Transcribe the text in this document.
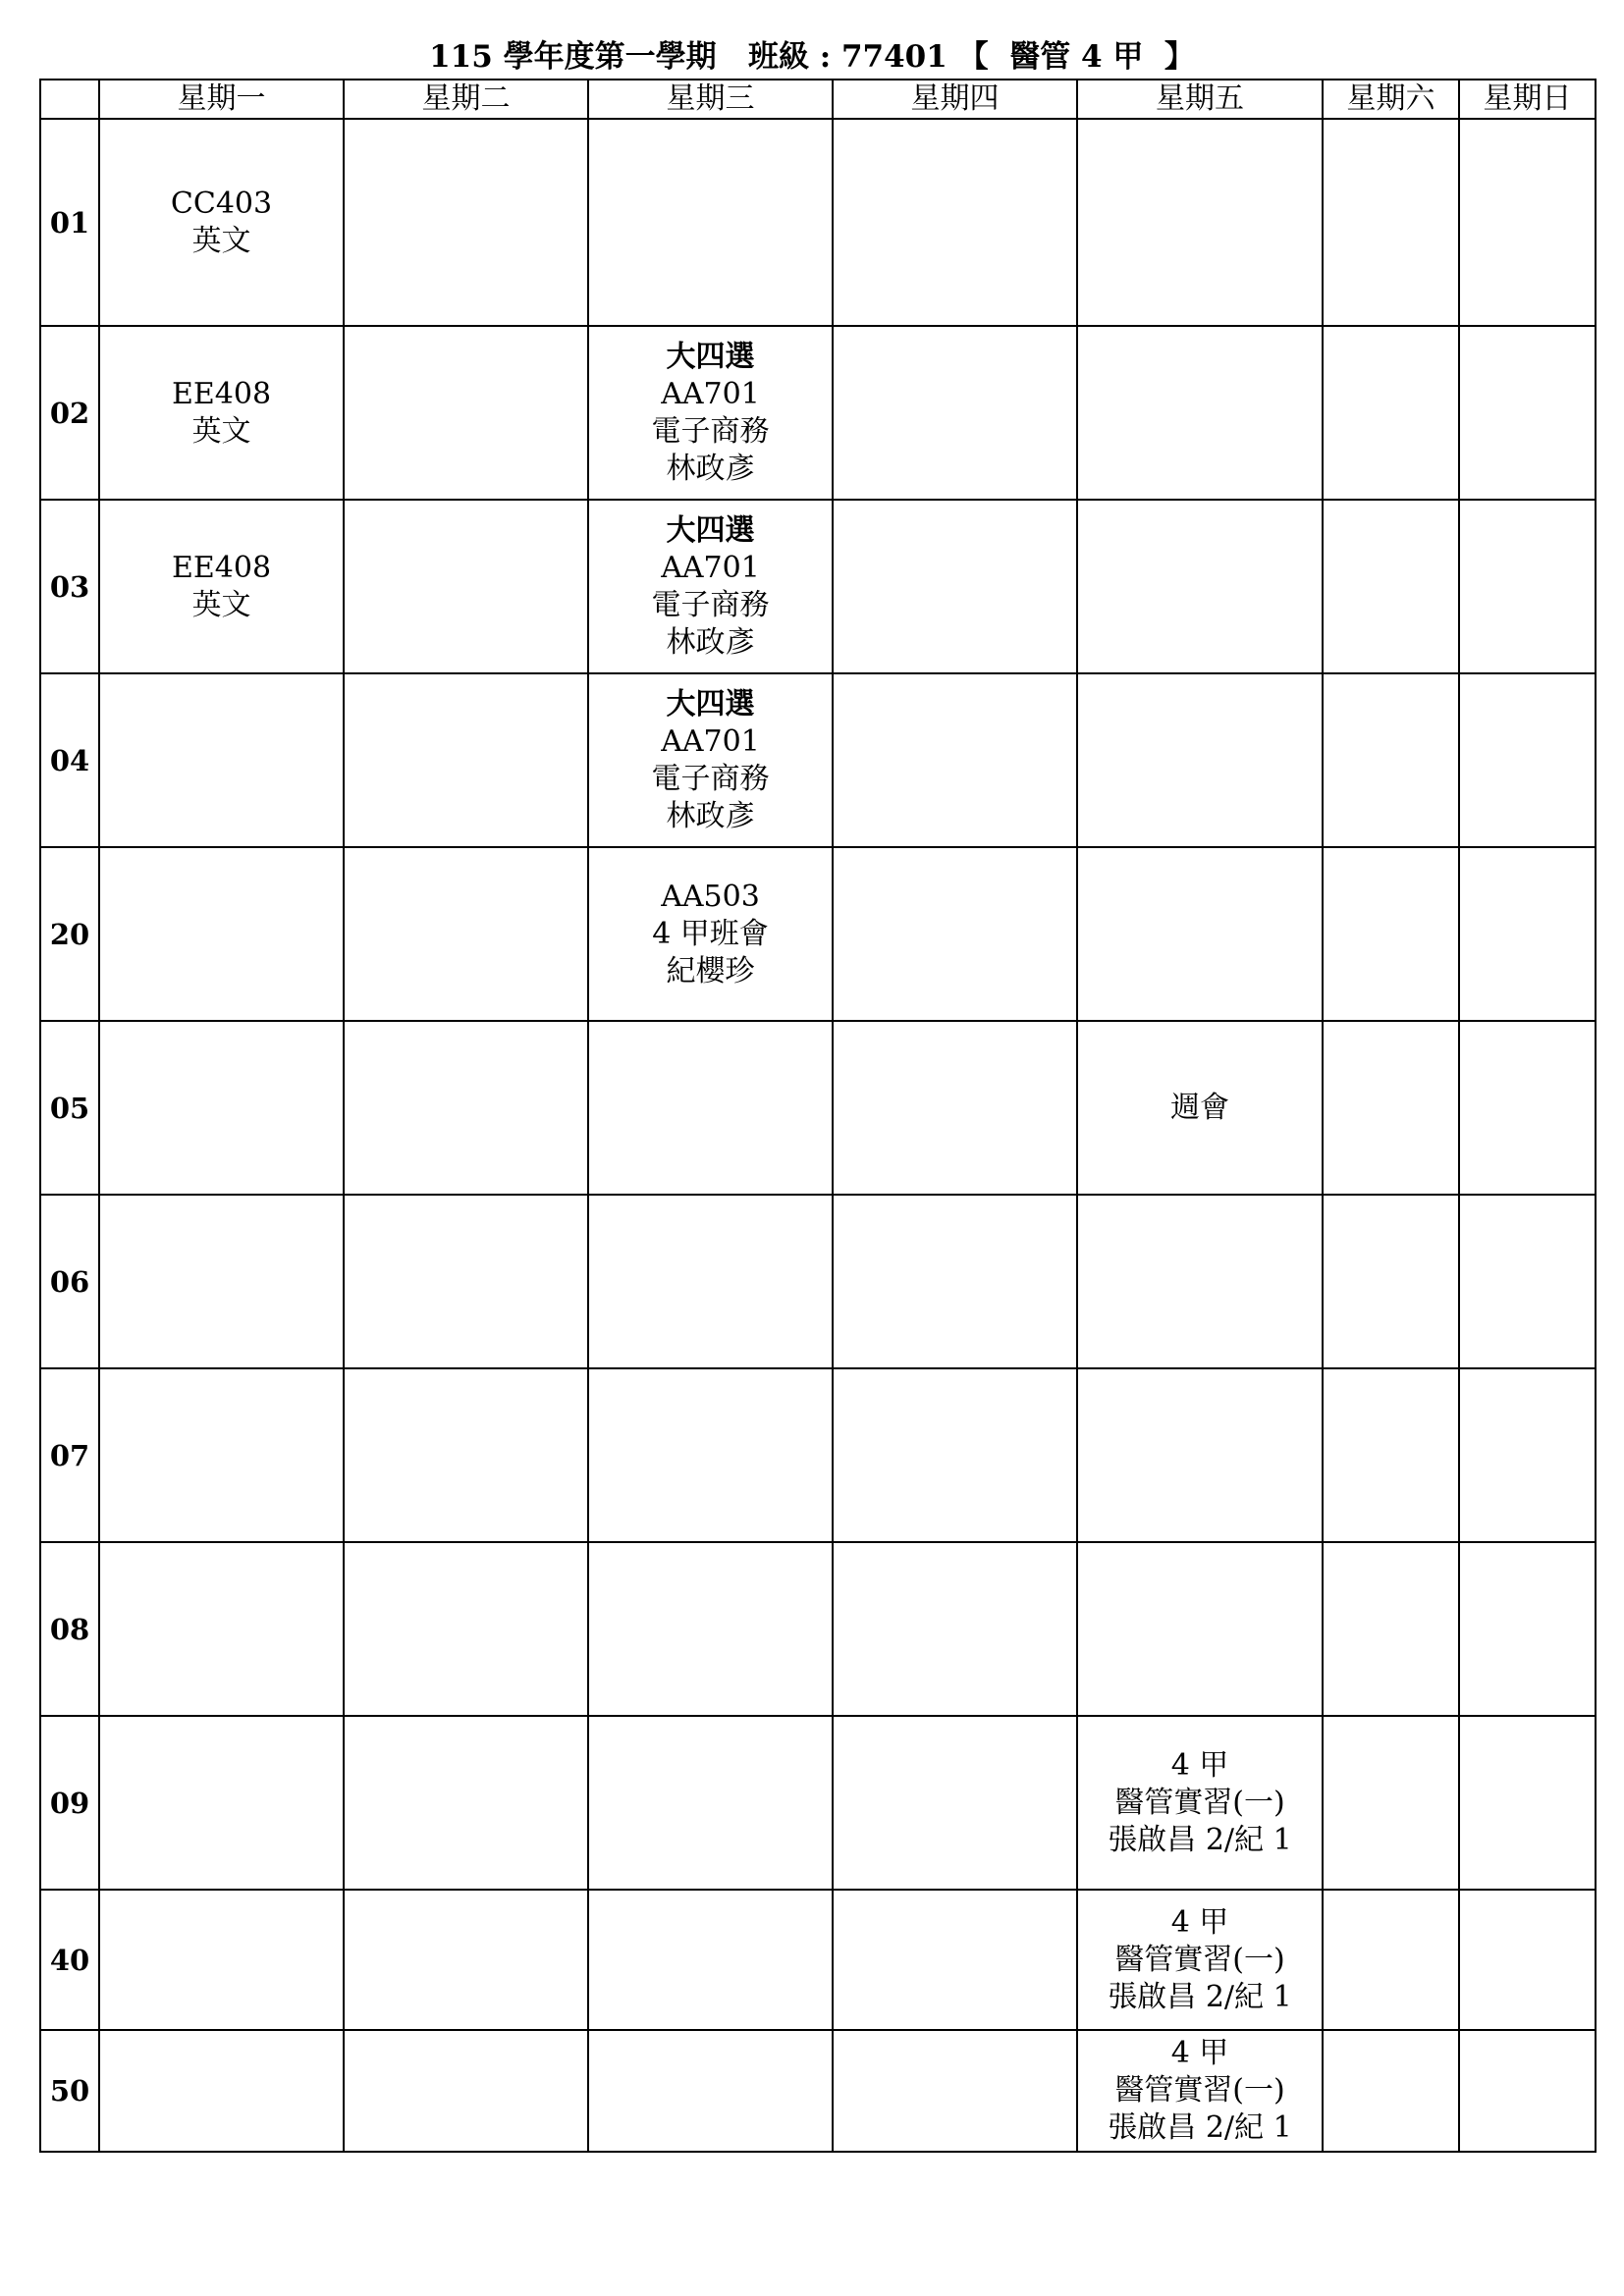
115 學年度第一學期   班級 : 77401 【  醫管 4 甲  】
	星期一	星期二	星期三	星期四	星期五	星期六	星期日
01	CC403
英文						

02	EE408
英文		大四選
AA701
電子商務
林政彥				

03	EE408
英文		大四選
AA701
電子商務
林政彥				

04			大四選
AA701
電子商務
林政彥				

20			AA503
4 甲班會
紀櫻珍				

05					週會		

06							
07							
08							
09					4 甲
醫管實習(一)
張啟昌 2/紀 1		

40					4 甲
醫管實習(一)
張啟昌 2/紀 1		

50					4 甲
醫管實習(一)
張啟昌 2/紀 1		
